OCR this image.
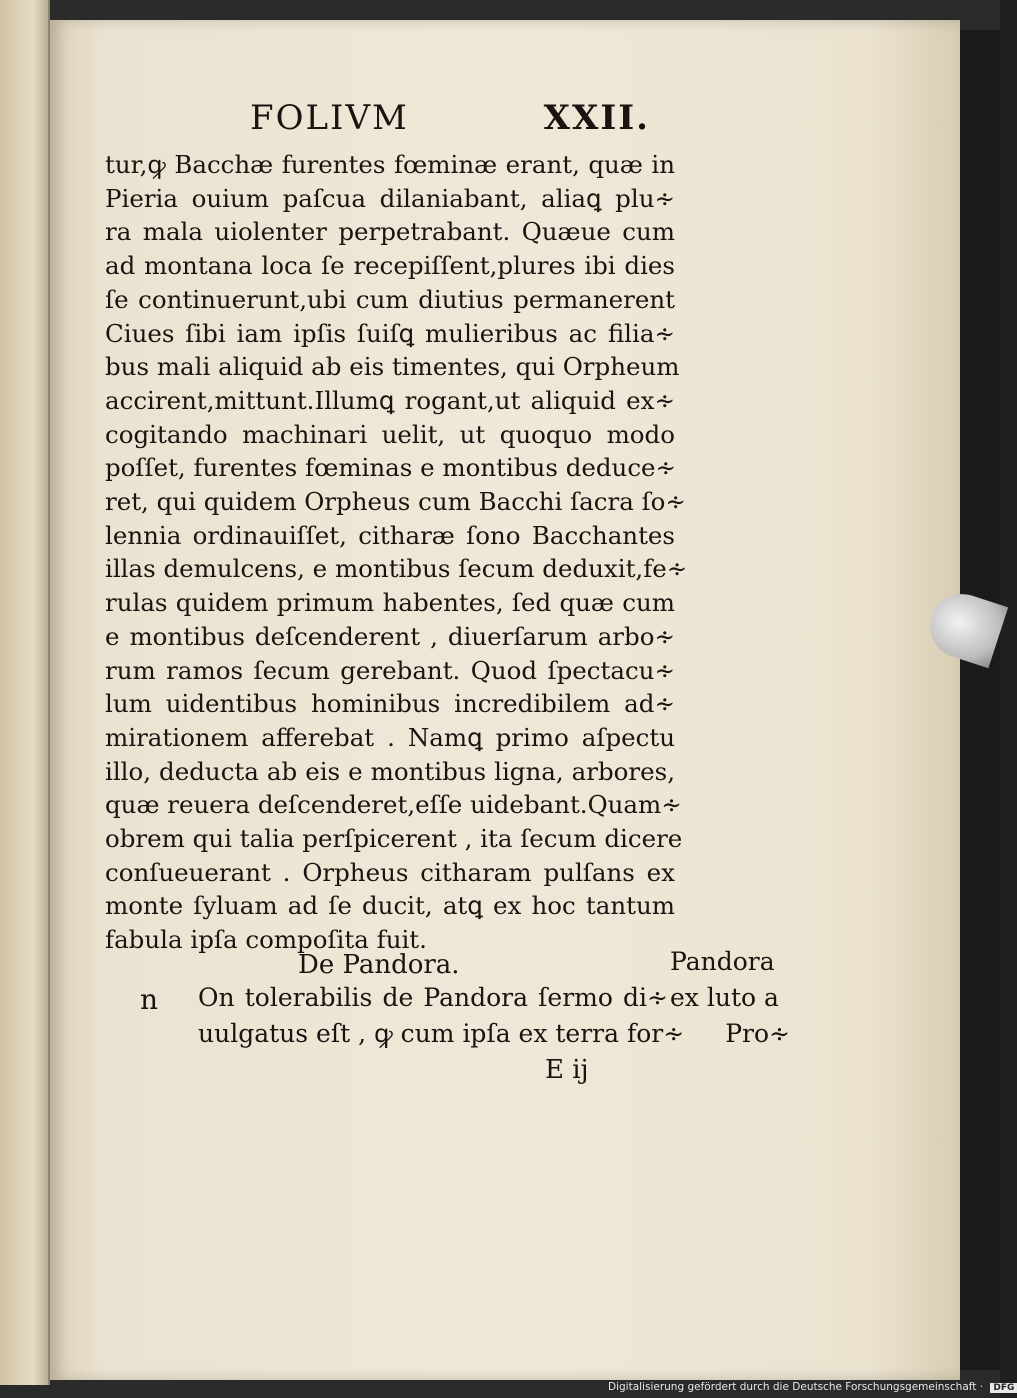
FOLIVM	XXII.
tur,ꝙ Bacchæ furentes fœminæ erant, quæ in
Pieria ouium paſcua dilaniabant, aliaꝗ plu∻
ra mala uiolenter perpetrabant. Quæue cum
ad montana loca ſe recepiſſent,plures ibi dies
ſe continuerunt,ubi cum diutius permanerent
Ciues ſibi iam ipſis ſuiſꝗ mulieribus ac filia∻
bus mali aliquid ab eis timentes, qui Orpheum
accirent,mittunt.Illumꝗ rogant,ut aliquid ex∻
cogitando machinari uelit, ut quoquo modo
poſſet, furentes fœminas e montibus deduce∻
ret, qui quidem Orpheus cum Bacchi ſacra ſo∻
lennia ordinauiſſet, citharæ ſono Bacchantes
illas demulcens, e montibus ſecum deduxit,fe∻
rulas quidem primum habentes, ſed quæ cum
e montibus deſcenderent , diuerſarum arbo∻
rum ramos ſecum gerebant. Quod ſpectacu∻
lum uidentibus hominibus incredibilem ad∻
mirationem afferebat . Namꝗ primo aſpectu
illo, deducta ab eis e montibus ligna, arbores,
quæ reuera deſcenderet,eſſe uidebant.Quam∻
obrem qui talia perſpicerent , ita ſecum dicere
conſueuerant . Orpheus citharam pulſans ex
monte ſyluam ad ſe ducit, atꝗ ex hoc tantum
fabula ipſa compoſita fuit.
De Pandora.
n On tolerabilis de Pandora ſermo di∻
uulgatus eſt , ꝙ cum ipſa ex terra for∻
E ij
Pandora
ex luto a
Pro∻
Digitalisierung gefördert durch die Deutsche Forschungsgemeinschaft · DFG
